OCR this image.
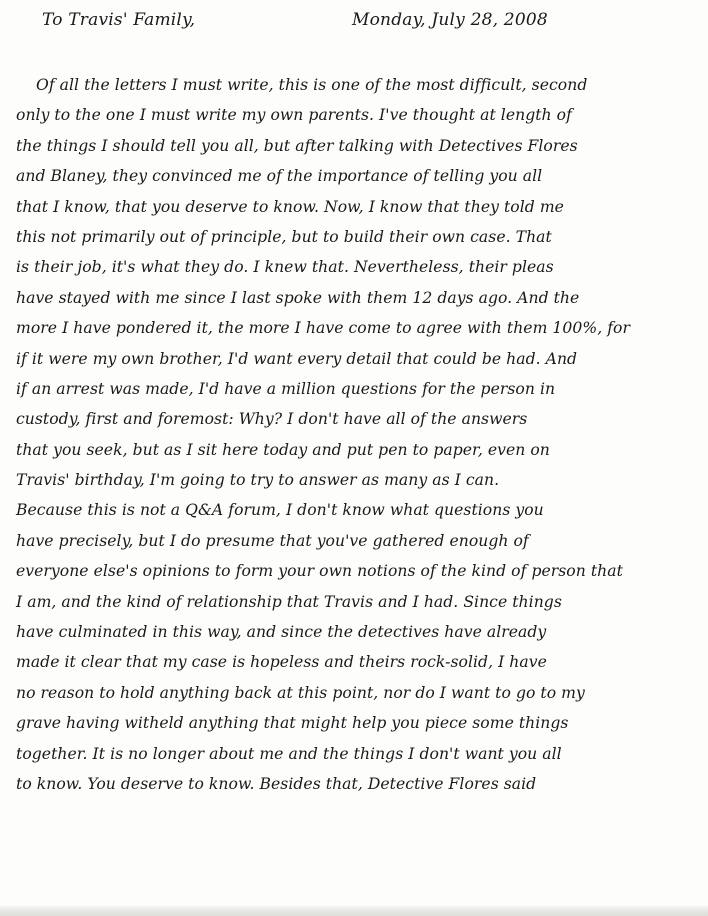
To Travis' Family,	Monday, July 28, 2008
Of all the letters I must write, this is one of the most difficult, second
only to the one I must write my own parents. I've thought at length of
the things I should tell you all, but after talking with Detectives Flores
and Blaney, they convinced me of the importance of telling you all
that I know, that you deserve to know. Now, I know that they told me
this not primarily out of principle, but to build their own case. That
is their job, it's what they do. I knew that. Nevertheless, their pleas
have stayed with me since I last spoke with them 12 days ago. And the
more I have pondered it, the more I have come to agree with them 100%, for
if it were my own brother, I'd want every detail that could be had. And
if an arrest was made, I'd have a million questions for the person in
custody, first and foremost: Why? I don't have all of the answers
that you seek, but as I sit here today and put pen to paper, even on
Travis' birthday, I'm going to try to answer as many as I can.
Because this is not a Q&A forum, I don't know what questions you
have precisely, but I do presume that you've gathered enough of
everyone else's opinions to form your own notions of the kind of person that
I am, and the kind of relationship that Travis and I had. Since things
have culminated in this way, and since the detectives have already
made it clear that my case is hopeless and theirs rock-solid, I have
no reason to hold anything back at this point, nor do I want to go to my
grave having witheld anything that might help you piece some things
together. It is no longer about me and the things I don't want you all
to know. You deserve to know. Besides that, Detective Flores said
